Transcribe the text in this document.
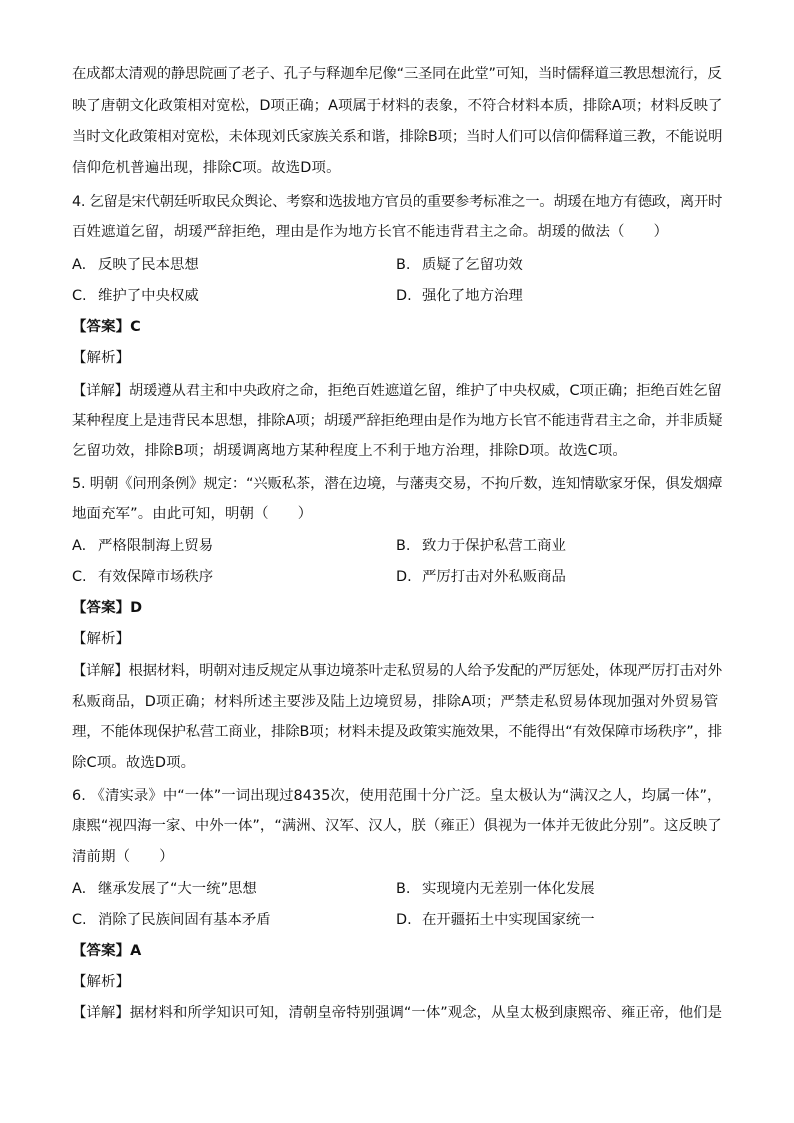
在成都太清观的静思院画了老子、孔子与释迦牟尼像“三圣同在此堂”可知，当时儒释道三教思想流行，反
映了唐朝文化政策相对宽松，D项正确；A项属于材料的表象，不符合材料本质，排除A项；材料反映了
当时文化政策相对宽松，未体现刘氏家族关系和谐，排除B项；当时人们可以信仰儒释道三教，不能说明
信仰危机普遍出现，排除C项。故选D项。
4. 乞留是宋代朝廷听取民众舆论、考察和选拔地方官员的重要参考标准之一。胡瑗在地方有德政，离开时
百姓遮道乞留，胡瑗严辞拒绝，理由是作为地方长官不能违背君主之命。胡瑗的做法（　　）
A. 反映了民本思想	B. 质疑了乞留功效
C. 维护了中央权威	D. 强化了地方治理
【答案】C
【解析】
【详解】胡瑗遵从君主和中央政府之命，拒绝百姓遮道乞留，维护了中央权威，C项正确；拒绝百姓乞留
某种程度上是违背民本思想，排除A项；胡瑗严辞拒绝理由是作为地方长官不能违背君主之命，并非质疑
乞留功效，排除B项；胡瑗调离地方某种程度上不利于地方治理，排除D项。故选C项。
5. 明朝《问刑条例》规定：“兴贩私茶，潜在边境，与藩夷交易，不拘斤数，连知情歇家牙保，俱发烟瘴
地面充军”。由此可知，明朝（　　）
A. 严格限制海上贸易	B. 致力于保护私营工商业
C. 有效保障市场秩序	D. 严厉打击对外私贩商品
【答案】D
【解析】
【详解】根据材料，明朝对违反规定从事边境茶叶走私贸易的人给予发配的严厉惩处，体现严厉打击对外
私贩商品，D项正确；材料所述主要涉及陆上边境贸易，排除A项；严禁走私贸易体现加强对外贸易管
理，不能体现保护私营工商业，排除B项；材料未提及政策实施效果，不能得出“有效保障市场秩序”，排
除C项。故选D项。
6. 《清实录》中“一体”一词出现过8435次，使用范围十分广泛。皇太极认为“满汉之人，均属一体”，
康熙“视四海一家、中外一体”，“满洲、汉军、汉人，朕（雍正）俱视为一体并无彼此分别”。这反映了
清前期（　　）
A. 继承发展了“大一统”思想	B. 实现境内无差别一体化发展
C. 消除了民族间固有基本矛盾	D. 在开疆拓土中实现国家统一
【答案】A
【解析】
【详解】据材料和所学知识可知，清朝皇帝特别强调“一体”观念，从皇太极到康熙帝、雍正帝，他们是
